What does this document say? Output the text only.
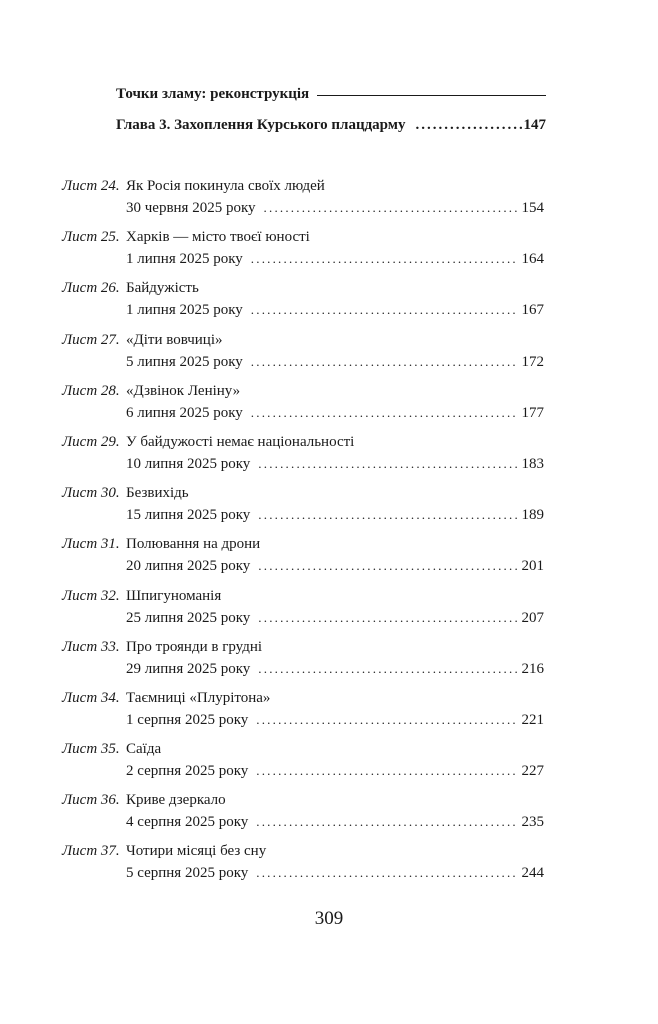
Точки зламу: реконструкція
Глава 3. Захоплення Курського плацдарму .....	147
Лист 24. Як Росія покинула своїх людей
30 червня 2025 року .....	154
Лист 25. Харків — місто твоєї юності
1 липня 2025 року .....	164
Лист 26. Байдужість
1 липня 2025 року .....	167
Лист 27. «Діти вовчиці»
5 липня 2025 року .....	172
Лист 28. «Дзвінок Леніну»
6 липня 2025 року .....	177
Лист 29. У байдужості немає національності
10 липня 2025 року .....	183
Лист 30. Безвихідь
15 липня 2025 року .....	189
Лист 31. Полювання на дрони
20 липня 2025 року .....	201
Лист 32. Шпигуноманія
25 липня 2025 року .....	207
Лист 33. Про троянди в грудні
29 липня 2025 року .....	216
Лист 34. Таємниці «Плурітона»
1 серпня 2025 року .....	221
Лист 35. Саїда
2 серпня 2025 року .....	227
Лист 36. Криве дзеркало
4 серпня 2025 року .....	235
Лист 37. Чотири місяці без сну
5 серпня 2025 року .....	244
309
